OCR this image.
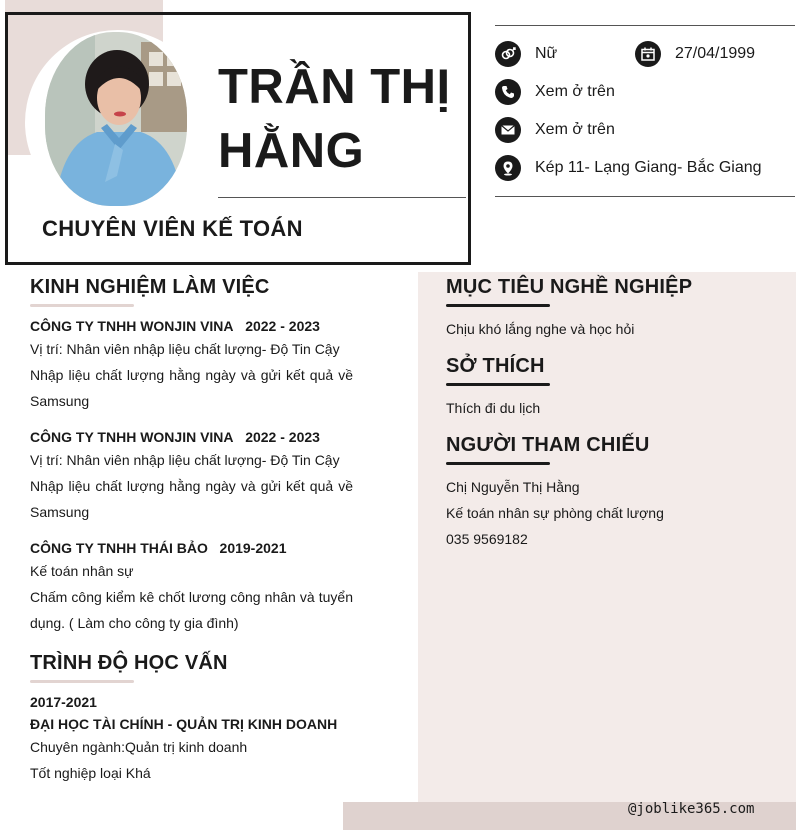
TRẦN THỊ
HẰNG
CHUYÊN VIÊN KẾ TOÁN
Nữ	27/04/1999
Xem ở trên
Xem ở trên
Kép 11- Lạng Giang- Bắc Giang
KINH NGHIỆM LÀM VIỆC
CÔNG TY TNHH WONJIN VINA 2022 - 2023
Vị trí: Nhân viên nhập liệu chất lượng- Độ Tin Cậy
Nhập liệu chất lượng hằng ngày và gửi kết quả về Samsung
CÔNG TY TNHH WONJIN VINA 2022 - 2023
Vị trí: Nhân viên nhập liệu chất lượng- Độ Tin Cậy
Nhập liệu chất lượng hằng ngày và gửi kết quả về Samsung
CÔNG TY TNHH THÁI BẢO 2019-2021
Kế toán nhân sự
Chấm công kiểm kê chốt lương công nhân và tuyển dụng. ( Làm cho công ty gia đình)
TRÌNH ĐỘ HỌC VẤN
2017-2021
ĐẠI HỌC TÀI CHÍNH - QUẢN TRỊ KINH DOANH
Chuyên ngành:Quản trị kinh doanh
Tốt nghiệp loại Khá
MỤC TIÊU NGHỀ NGHIỆP
Chịu khó lắng nghe và học hỏi
SỞ THÍCH
Thích đi du lịch
NGƯỜI THAM CHIẾU
Chị Nguyễn Thị Hằng
Kế toán nhân sự phòng chất lượng
035 9569182
@joblike365.com
